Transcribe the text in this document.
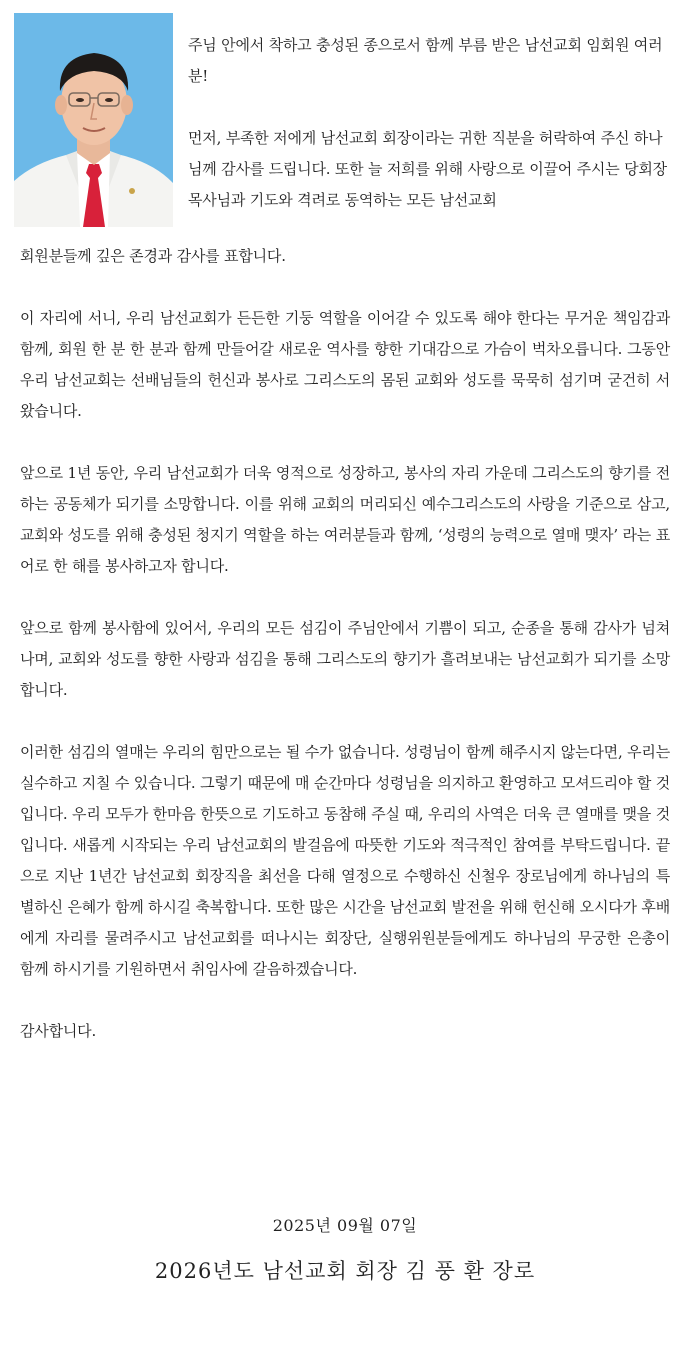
주님 안에서 착하고 충성된 종으로서 함께 부름 받은 남선교회 임회원 여러분!

먼저, 부족한 저에게 남선교회 회장이라는 귀한 직분을 허락하여 주신 하나님께 감사를 드립니다. 또한 늘 저희를 위해 사랑으로 이끌어 주시는 당회장 목사님과 기도와 격려로 동역하는 모든 남선교회

회원분들께 깊은 존경과 감사를 표합니다.

이 자리에 서니, 우리 남선교회가 든든한 기둥 역할을 이어갈 수 있도록 해야 한다는 무거운 책임감과 함께, 회원 한 분 한 분과 함께 만들어갈 새로운 역사를 향한 기대감으로 가슴이 벅차오릅니다. 그동안 우리 남선교회는 선배님들의 헌신과 봉사로 그리스도의 몸된 교회와 성도를 묵묵히 섬기며 굳건히 서 왔습니다.

앞으로 1년 동안, 우리 남선교회가 더욱 영적으로 성장하고, 봉사의 자리 가운데 그리스도의 향기를 전하는 공동체가 되기를 소망합니다. 이를 위해 교회의 머리되신 예수그리스도의 사랑을 기준으로 삼고, 교회와 성도를 위해 충성된 청지기 역할을 하는 여러분들과 함께, ‘성령의 능력으로 열매 맺자’ 라는 표어로 한 해를 봉사하고자 합니다.

앞으로 함께 봉사함에 있어서, 우리의 모든 섬김이 주님안에서 기쁨이 되고, 순종을 통해 감사가 넘쳐나며, 교회와 성도를 향한 사랑과 섬김을 통해 그리스도의 향기가 흘려보내는 남선교회가 되기를 소망합니다.

이러한 섬김의 열매는 우리의 힘만으로는 될 수가 없습니다. 성령님이 함께 해주시지 않는다면, 우리는 실수하고 지칠 수 있습니다. 그렇기 때문에 매 순간마다 성령님을 의지하고 환영하고 모셔드리야 할 것입니다. 우리 모두가 한마음 한뜻으로 기도하고 동참해 주실 때, 우리의 사역은 더욱 큰 열매를 맺을 것입니다. 새롭게 시작되는 우리 남선교회의 발걸음에 따뜻한 기도와 적극적인 참여를 부탁드립니다. 끝으로 지난 1년간 남선교회 회장직을 최선을 다해 열정으로 수행하신 신철우 장로님에게 하나님의 특별하신 은혜가 함께 하시길 축복합니다. 또한 많은 시간을 남선교회 발전을 위해 헌신해 오시다가 후배에게 자리를 물려주시고 남선교회를 떠나시는 회장단, 실행위원분들에게도 하나님의 무궁한 은총이 함께 하시기를 기원하면서 취임사에 갈음하겠습니다.

감사합니다.

2025년 09월 07일
2026년도 남선교회 회장 김 풍 환 장로
